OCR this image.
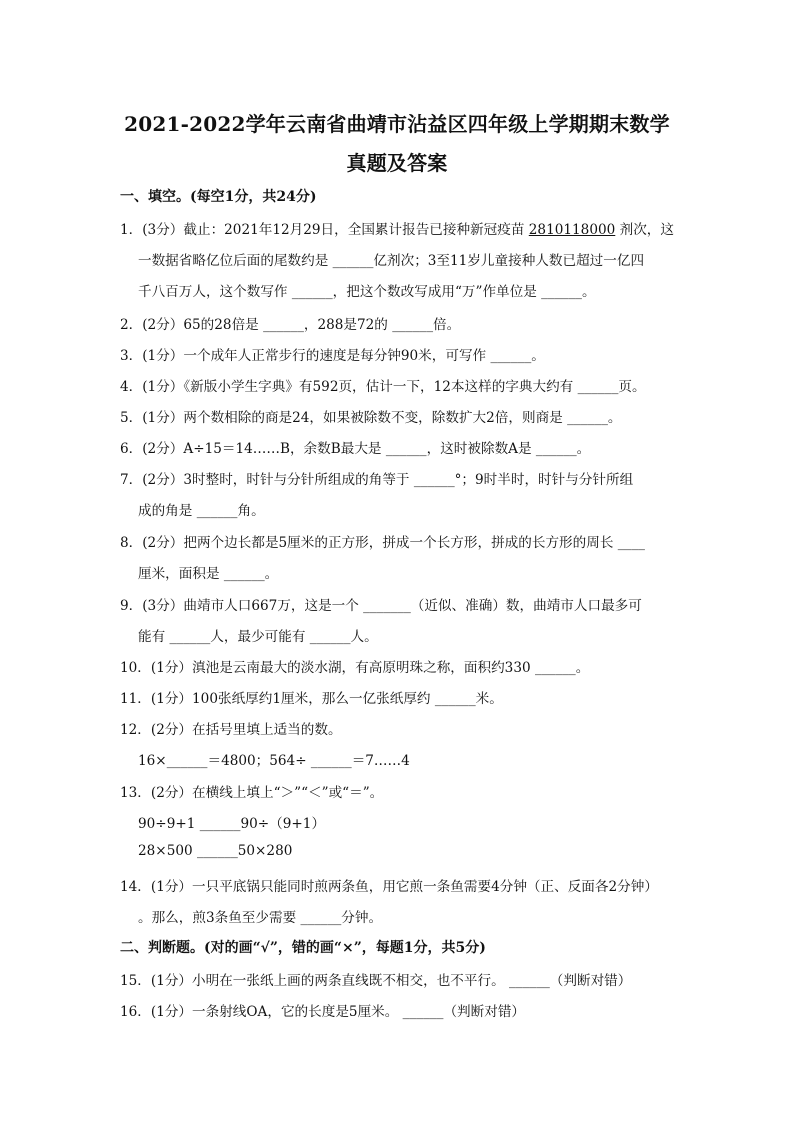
2021-2022学年云南省曲靖市沾益区四年级上学期期末数学
真题及答案
一、填空。(每空1分，共24分)
1．(3分）截止：2021年12月29日，全国累计报告已接种新冠疫苗 2810118000 剂次，这
一数据省略亿位后面的尾数约是 ______亿剂次；3至11岁儿童接种人数已超过一亿四
千八百万人，这个数写作 ______，把这个数改写成用“万”作单位是 ______。
2．(2分）65的28倍是 ______，288是72的 ______倍。
3．(1分）一个成年人正常步行的速度是每分钟90米，可写作 ______。
4．(1分）《新版小学生字典》有592页，估计一下，12本这样的字典大约有 ______页。
5．(1分）两个数相除的商是24，如果被除数不变，除数扩大2倍，则商是 ______。
6．(2分）A÷15＝14……B，余数B最大是 ______，这时被除数A是 ______。
7．(2分）3时整时，时针与分针所组成的角等于 ______°；9时半时，时针与分针所组
成的角是 ______角。
8．(2分）把两个边长都是5厘米的正方形，拼成一个长方形，拼成的长方形的周长 ____
厘米，面积是 ______。
9．(3分）曲靖市人口667万，这是一个 _______（近似、准确）数，曲靖市人口最多可
能有 ______人，最少可能有 ______人。
10．(1分）滇池是云南最大的淡水湖，有高原明珠之称，面积约330 ______。
11．(1分）100张纸厚约1厘米，那么一亿张纸厚约 ______米。
12．(2分）在括号里填上适当的数。
16×______＝4800；564÷ ______＝7……4
13．(2分）在横线上填上“＞”“＜”或“＝”。
90÷9+1 ______90÷（9+1）
28×500 ______50×280
14．(1分）一只平底锅只能同时煎两条鱼，用它煎一条鱼需要4分钟（正、反面各2分钟）
。那么，煎3条鱼至少需要 ______分钟。
二、判断题。(对的画“√”，错的画“×”，每题1分，共5分)
15．(1分）小明在一张纸上画的两条直线既不相交，也不平行。 ______（判断对错）
16．(1分）一条射线OA，它的长度是5厘米。 ______（判断对错）
